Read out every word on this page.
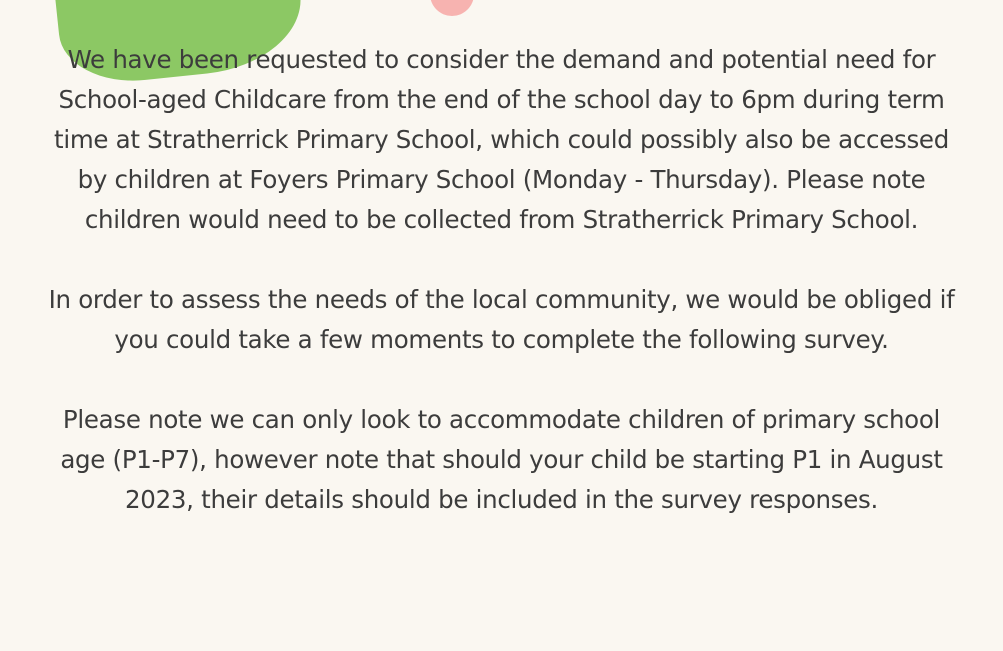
We have been requested to consider the demand and potential need for School-aged Childcare from the end of the school day to 6pm during term time at Stratherrick Primary School, which could possibly also be accessed by children at Foyers Primary School (Monday - Thursday). Please note children would need to be collected from Stratherrick Primary School.

In order to assess the needs of the local community, we would be obliged if you could take a few moments to complete the following survey.

Please note we can only look to accommodate children of primary school age (P1-P7), however note that should your child be starting P1 in August 2023, their details should be included in the survey responses.
